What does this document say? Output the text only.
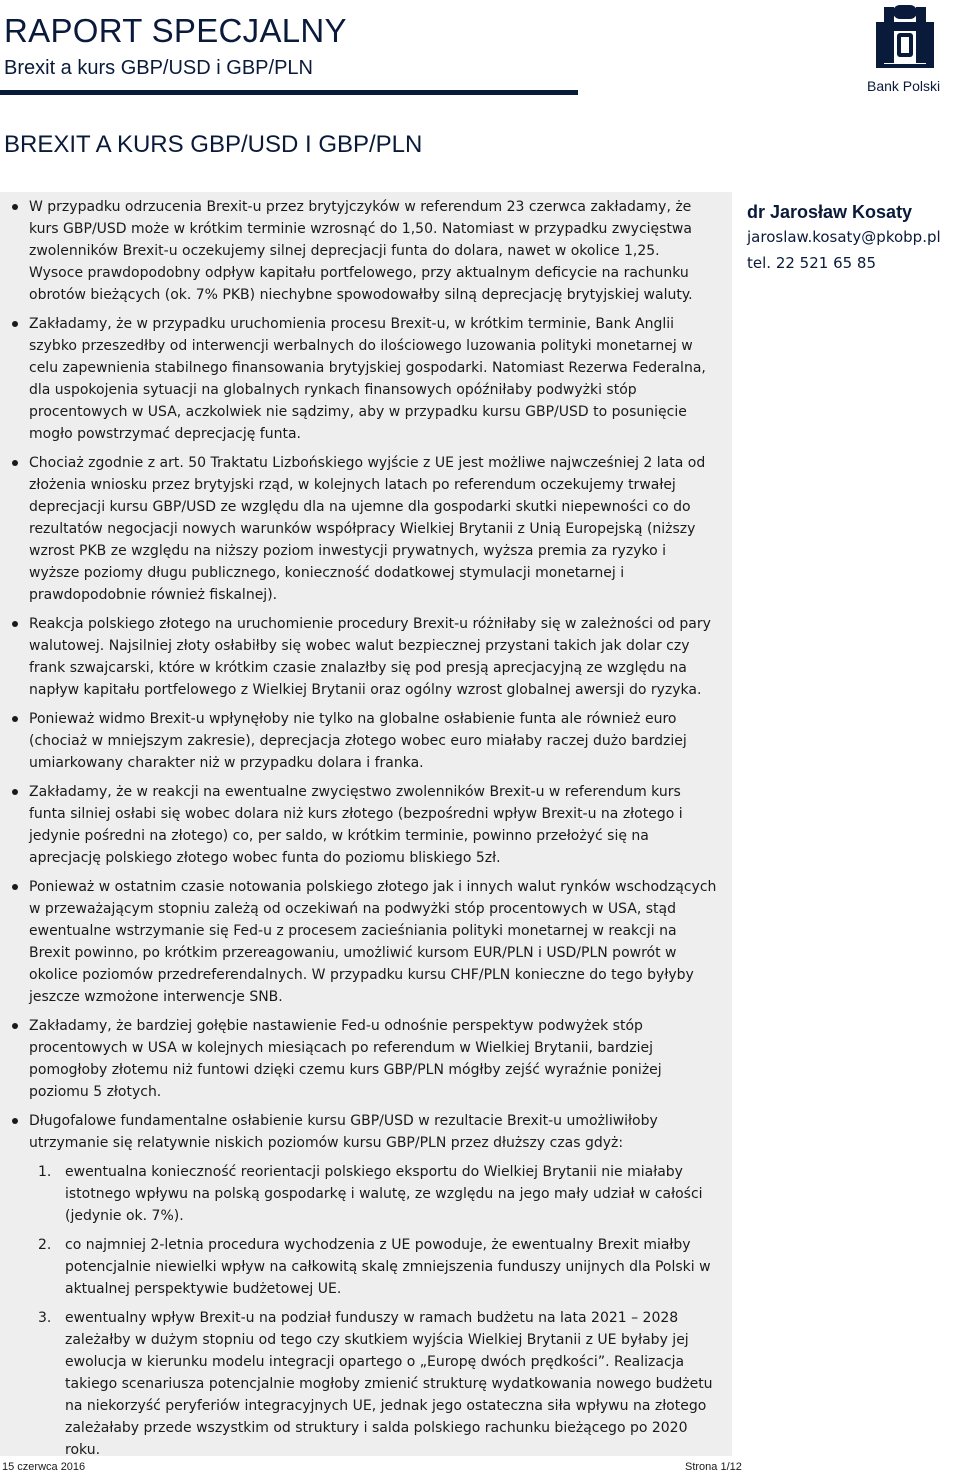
RAPORT SPECJALNY
Brexit a kurs GBP/USD i GBP/PLN
Bank Polski
BREXIT A KURS GBP/USD I GBP/PLN
W przypadku odrzucenia Brexit-u przez brytyjczyków w referendum 23 czerwca zakładamy, że kurs GBP/USD może w krótkim terminie wzrosnąć do 1,50. Natomiast w przypadku zwycięstwa zwolenników Brexit-u oczekujemy silnej deprecjacji funta do dolara, nawet w okolice 1,25. Wysoce prawdopodobny odpływ kapitału portfelowego, przy aktualnym deficycie na rachunku obrotów bieżących (ok. 7% PKB) niechybne spowodowałby silną deprecjację brytyjskiej waluty.
Zakładamy, że w przypadku uruchomienia procesu Brexit-u, w krótkim terminie, Bank Anglii szybko przeszedłby od interwencji werbalnych do ilościowego luzowania polityki monetarnej w celu zapewnienia stabilnego finansowania brytyjskiej gospodarki. Natomiast Rezerwa Federalna, dla uspokojenia sytuacji na globalnych rynkach finansowych opóźniłaby podwyżki stóp procentowych w USA, aczkolwiek nie sądzimy, aby w przypadku kursu GBP/USD to posunięcie mogło powstrzymać deprecjację funta.
Chociaż zgodnie z art. 50 Traktatu Lizbońskiego wyjście z UE jest możliwe najwcześniej 2 lata od złożenia wniosku przez brytyjski rząd, w kolejnych latach po referendum oczekujemy trwałej deprecjacji kursu GBP/USD ze względu dla na ujemne dla gospodarki skutki niepewności co do rezultatów negocjacji nowych warunków współpracy Wielkiej Brytanii z Unią Europejską (niższy wzrost PKB ze względu na niższy poziom inwestycji prywatnych, wyższa premia za ryzyko i wyższe poziomy długu publicznego, konieczność dodatkowej stymulacji monetarnej i prawdopodobnie również fiskalnej).
Reakcja polskiego złotego na uruchomienie procedury Brexit-u różniłaby się w zależności od pary walutowej. Najsilniej złoty osłabiłby się wobec walut bezpiecznej przystani takich jak dolar czy frank szwajcarski, które w krótkim czasie znalazłby się pod presją aprecjacyjną ze względu na napływ kapitału portfelowego z Wielkiej Brytanii oraz ogólny wzrost globalnej awersji do ryzyka.
Ponieważ widmo Brexit-u wpłynęłoby nie tylko na globalne osłabienie funta ale również euro (chociaż w mniejszym zakresie), deprecjacja złotego wobec euro miałaby raczej dużo bardziej umiarkowany charakter niż w przypadku dolara i franka.
Zakładamy, że w reakcji na ewentualne zwycięstwo zwolenników Brexit-u w referendum kurs funta silniej osłabi się wobec dolara niż kurs złotego (bezpośredni wpływ Brexit-u na złotego i jedynie pośredni na złotego) co, per saldo, w krótkim terminie, powinno przełożyć się na aprecjację polskiego złotego wobec funta do poziomu bliskiego 5zł.
Ponieważ w ostatnim czasie notowania polskiego złotego jak i innych walut rynków wschodzących w przeważającym stopniu zależą od oczekiwań na podwyżki stóp procentowych w USA, stąd ewentualne wstrzymanie się Fed-u z procesem zacieśniania polityki monetarnej w reakcji na Brexit powinno, po krótkim przereagowaniu, umożliwić kursom EUR/PLN i USD/PLN powrót w okolice poziomów przedreferendalnych. W przypadku kursu CHF/PLN konieczne do tego byłyby jeszcze wzmożone interwencje SNB.
Zakładamy, że bardziej gołębie nastawienie Fed-u odnośnie perspektyw podwyżek stóp procentowych w USA w kolejnych miesiącach po referendum w Wielkiej Brytanii, bardziej pomogłoby złotemu niż funtowi dzięki czemu kurs GBP/PLN mógłby zejść wyraźnie poniżej poziomu 5 złotych.
Długofalowe fundamentalne osłabienie kursu GBP/USD w rezultacie Brexit-u umożliwiłoby utrzymanie się relatywnie niskich poziomów kursu GBP/PLN przez dłuższy czas gdyż:
1. ewentualna konieczność reorientacji polskiego eksportu do Wielkiej Brytanii nie miałaby istotnego wpływu na polską gospodarkę i walutę, ze względu na jego mały udział w całości (jedynie ok. 7%).
2. co najmniej 2-letnia procedura wychodzenia z UE powoduje, że ewentualny Brexit miałby potencjalnie niewielki wpływ na całkowitą skalę zmniejszenia funduszy unijnych dla Polski w aktualnej perspektywie budżetowej UE.
3. ewentualny wpływ Brexit-u na podział funduszy w ramach budżetu na lata 2021 – 2028 zależałby w dużym stopniu od tego czy skutkiem wyjścia Wielkiej Brytanii z UE byłaby jej ewolucja w kierunku modelu integracji opartego o „Europę dwóch prędkości”. Realizacja takiego scenariusza potencjalnie mogłoby zmienić strukturę wydatkowania nowego budżetu na niekorzyść peryferiów integracyjnych UE, jednak jego ostateczna siła wpływu na złotego zależałaby przede wszystkim od struktury i salda polskiego rachunku bieżącego po 2020 roku.
dr Jarosław Kosaty
jaroslaw.kosaty@pkobp.pl
tel. 22 521 65 85
15 czerwca 2016	Strona 1/12
